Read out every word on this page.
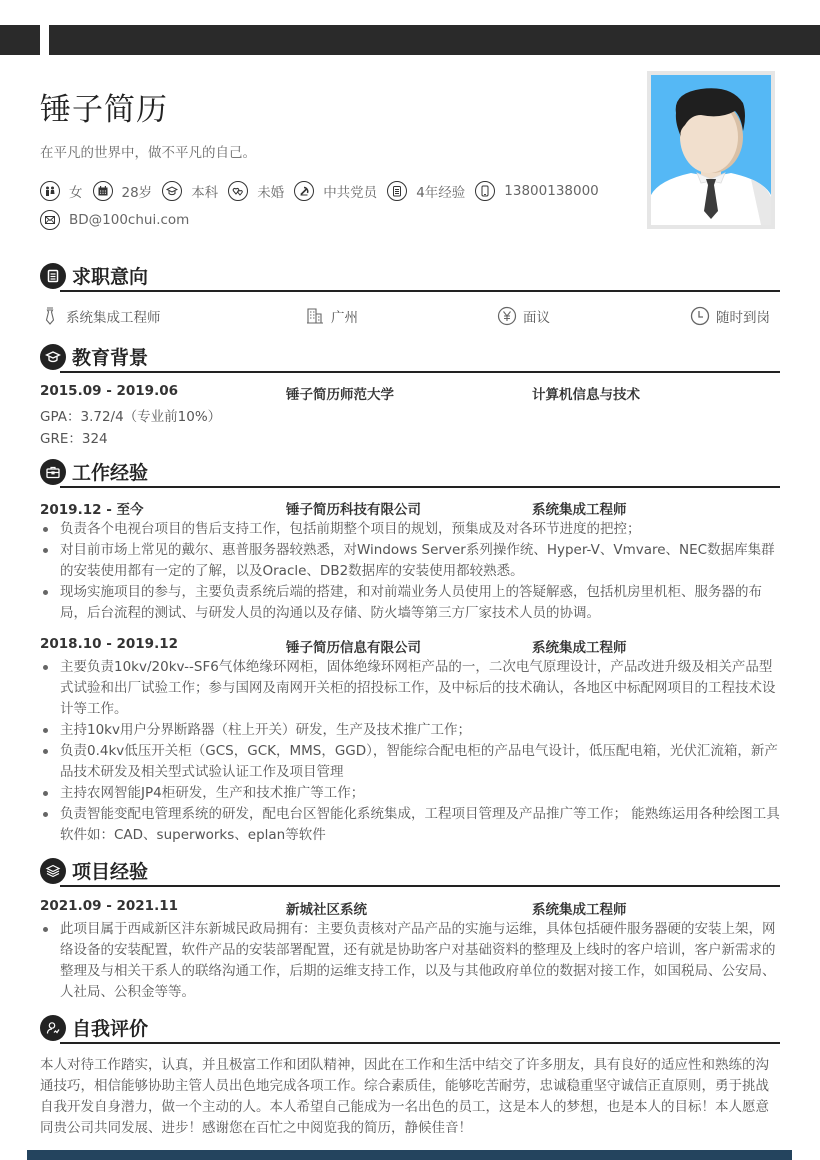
锤子简历
在平凡的世界中，做不平凡的自己。
女	28岁	本科	未婚	中共党员	4年经验	13800138000
BD@100chui.com
求职意向
系统集成工程师	广州	面议	随时到岗
教育背景
2015.09 - 2019.06	锤子简历师范大学	计算机信息与技术
GPA：3.72/4（专业前10%）
GRE：324
工作经验
2019.12 - 至今	锤子简历科技有限公司	系统集成工程师
负责各个电视台项目的售后支持工作，包括前期整个项目的规划，预集成及对各环节进度的把控；
对目前市场上常见的戴尔、惠普服务器较熟悉，对Windows Server系列操作统、Hyper-V、Vmvare、NEC数据库集群的安装使用都有一定的了解，以及Oracle、DB2数据库的安装使用都较熟悉。
现场实施项目的参与，主要负责系统后端的搭建，和对前端业务人员使用上的答疑解惑，包括机房里机柜、服务器的布局，后台流程的测试、与研发人员的沟通以及存储、防火墙等第三方厂家技术人员的协调。
2018.10 - 2019.12	锤子简历信息有限公司	系统集成工程师
主要负责10kv/20kv--SF6气体绝缘环网柜，固体绝缘环网柜产品的一，二次电气原理设计，产品改进升级及相关产品型式试验和出厂试验工作；参与国网及南网开关柜的招投标工作，及中标后的技术确认，各地区中标配网项目的工程技术设计等工作。
主持10kv用户分界断路器（柱上开关）研发，生产及技术推广工作；
负责0.4kv低压开关柜（GCS，GCK，MMS，GGD），智能综合配电柜的产品电气设计，低压配电箱，光伏汇流箱，新产品技术研发及相关型式试验认证工作及项目管理
主持农网智能JP4柜研发，生产和技术推广等工作；
负责智能变配电管理系统的研发，配电台区智能化系统集成，工程项目管理及产品推广等工作； 能熟练运用各种绘图工具软件如：CAD、superworks、eplan等软件
项目经验
2021.09 - 2021.11	新城社区系统	系统集成工程师
此项目属于西咸新区沣东新城民政局拥有：主要负责核对产品产品的实施与运维，具体包括硬件服务器硬的安装上架，网络设备的安装配置，软件产品的安装部署配置，还有就是协助客户对基础资料的整理及上线时的客户培训，客户新需求的整理及与相关干系人的联络沟通工作，后期的运维支持工作，以及与其他政府单位的数据对接工作，如国税局、公安局、人社局、公积金等等。
自我评价

本人对待工作踏实，认真，并且极富工作和团队精神，因此在工作和生活中结交了许多朋友，具有良好的适应性和熟练的沟通技巧，相信能够协助主管人员出色地完成各项工作。综合素质佳，能够吃苦耐劳，忠诚稳重坚守诚信正直原则，勇于挑战自我开发自身潜力，做一个主动的人。本人希望自己能成为一名出色的员工，这是本人的梦想，也是本人的目标！本人愿意同贵公司共同发展、进步！感谢您在百忙之中阅览我的简历，静候佳音！
